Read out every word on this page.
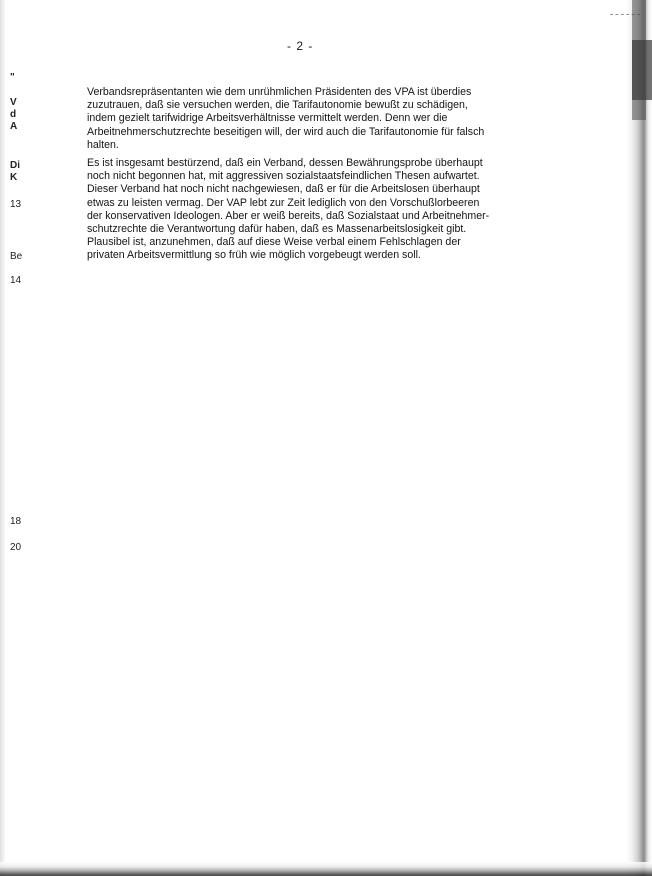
- 2 -
"
V
d
A
Di
K
13
Be
14
18
20
Verbandsrepräsentanten wie dem unrühmlichen Präsidenten des VPA ist überdies
zuzutrauen, daß sie versuchen werden, die Tarifautonomie bewußt zu schädigen,
indem gezielt tarifwidrige Arbeitsverhältnisse vermittelt werden. Denn wer die
Arbeitnehmerschutzrechte beseitigen will, der wird auch die Tarifautonomie für falsch
halten.
Es ist insgesamt bestürzend, daß ein Verband, dessen Bewährungsprobe überhaupt
noch nicht begonnen hat, mit aggressiven sozialstaatsfeindlichen Thesen aufwartet.
Dieser Verband hat noch nicht nachgewiesen, daß er für die Arbeitslosen überhaupt
etwas zu leisten vermag. Der VAP lebt zur Zeit lediglich von den Vorschußlorbeeren
der konservativen Ideologen. Aber er weiß bereits, daß Sozialstaat und Arbeitnehmer-
schutzrechte die Verantwortung dafür haben, daß es Massenarbeitslosigkeit gibt.
Plausibel ist, anzunehmen, daß auf diese Weise verbal einem Fehlschlagen der
privaten Arbeitsvermittlung so früh wie möglich vorgebeugt werden soll.
